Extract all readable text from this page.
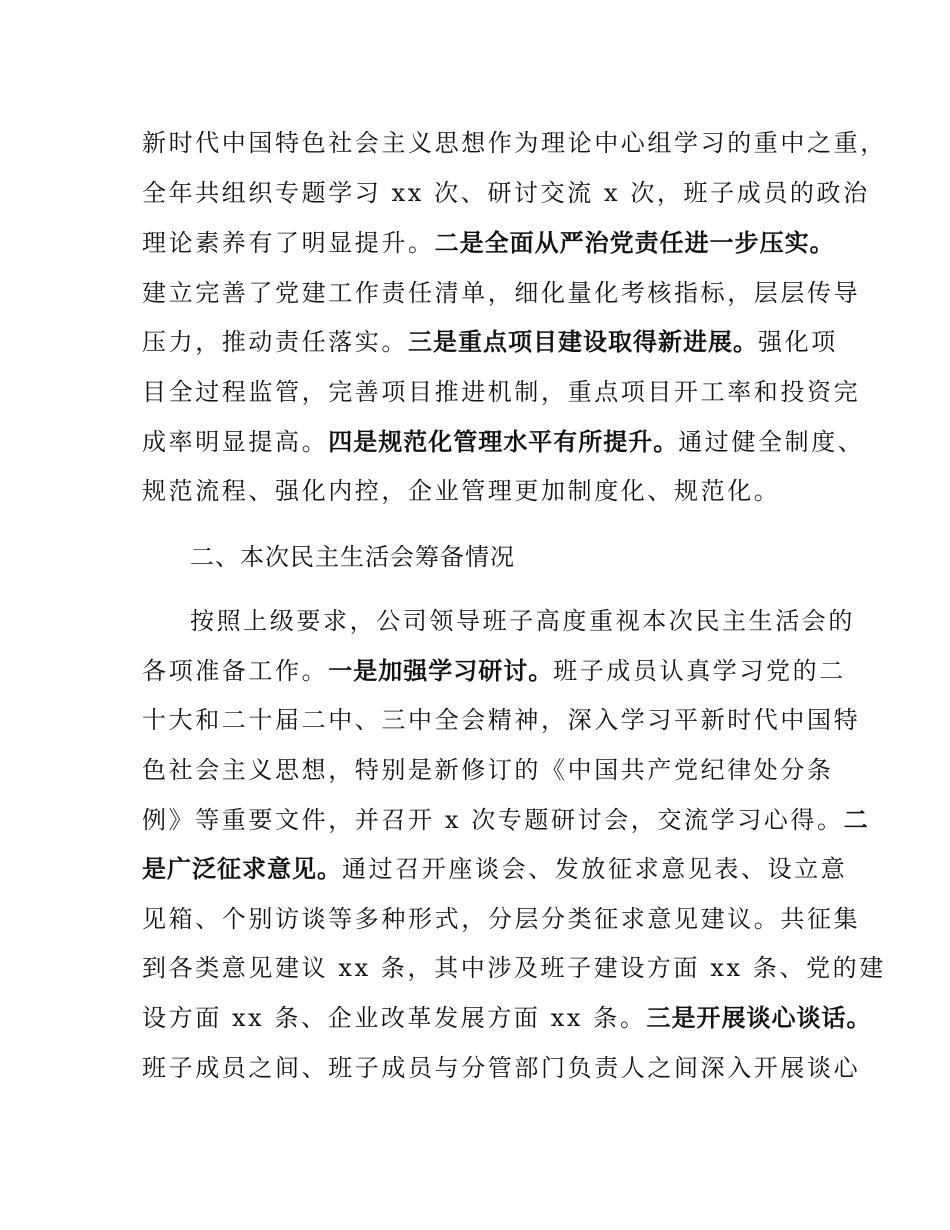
新时代中国特色社会主义思想作为理论中心组学习的重中之重，
全年共组织专题学习 xx 次、研讨交流 x 次，班子成员的政治
理论素养有了明显提升。二是全面从严治党责任进一步压实。
建立完善了党建工作责任清单，细化量化考核指标，层层传导
压力，推动责任落实。三是重点项目建设取得新进展。强化项
目全过程监管，完善项目推进机制，重点项目开工率和投资完
成率明显提高。四是规范化管理水平有所提升。通过健全制度、
规范流程、强化内控，企业管理更加制度化、规范化。
二、本次民主生活会筹备情况
按照上级要求，公司领导班子高度重视本次民主生活会的
各项准备工作。一是加强学习研讨。班子成员认真学习党的二
十大和二十届二中、三中全会精神，深入学习平新时代中国特
色社会主义思想，特别是新修订的《中国共产党纪律处分条
例》等重要文件，并召开 x 次专题研讨会，交流学习心得。二
是广泛征求意见。通过召开座谈会、发放征求意见表、设立意
见箱、个别访谈等多种形式，分层分类征求意见建议。共征集
到各类意见建议 xx 条，其中涉及班子建设方面 xx 条、党的建
设方面 xx 条、企业改革发展方面 xx 条。三是开展谈心谈话。
班子成员之间、班子成员与分管部门负责人之间深入开展谈心
